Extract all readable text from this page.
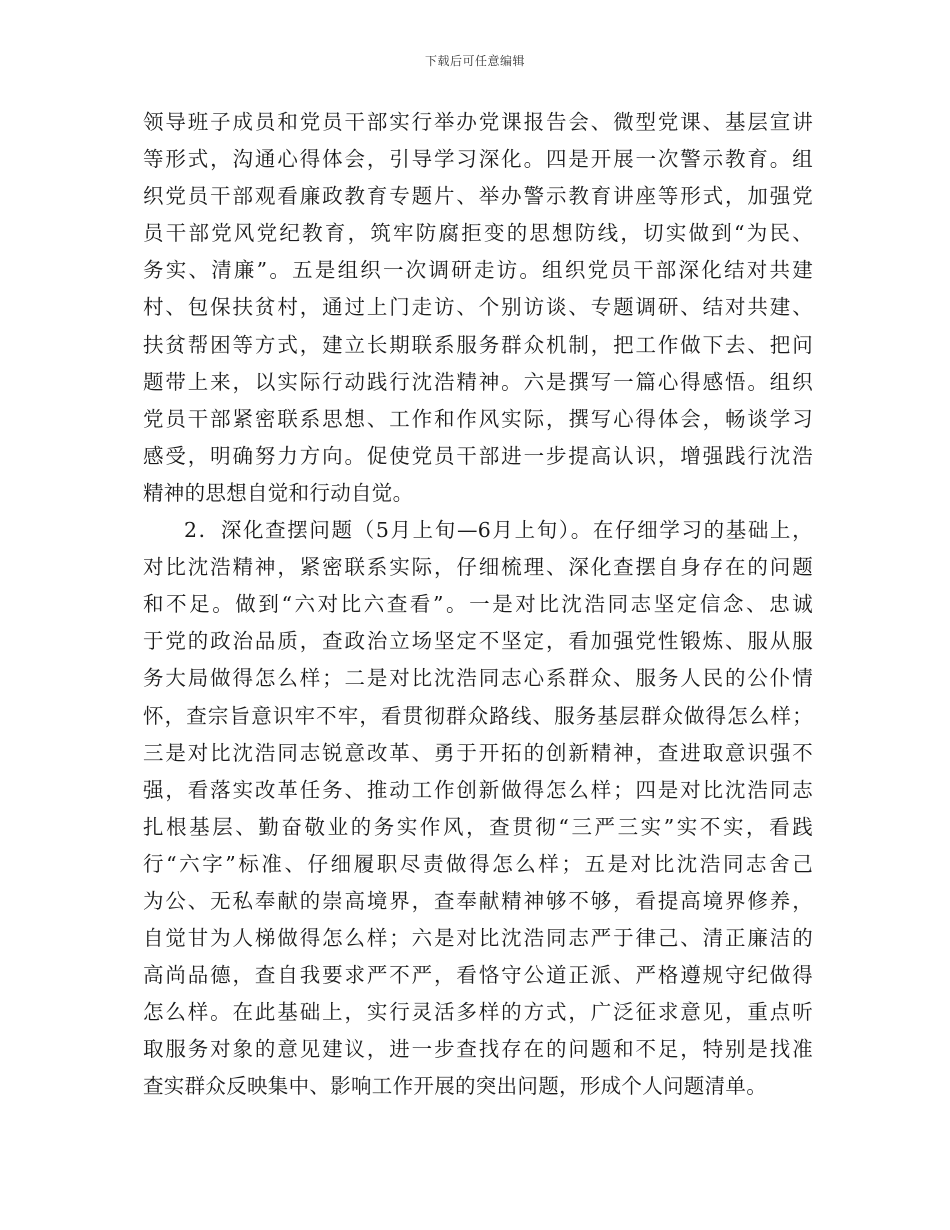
下载后可任意编辑
领导班子成员和党员干部实行举办党课报告会、微型党课、基层宣讲
等形式，沟通心得体会，引导学习深化。四是开展一次警示教育。组
织党员干部观看廉政教育专题片、举办警示教育讲座等形式，加强党
员干部党风党纪教育，筑牢防腐拒变的思想防线，切实做到“为民、
务实、清廉”。五是组织一次调研走访。组织党员干部深化结对共建
村、包保扶贫村，通过上门走访、个别访谈、专题调研、结对共建、
扶贫帮困等方式，建立长期联系服务群众机制，把工作做下去、把问
题带上来，以实际行动践行沈浩精神。六是撰写一篇心得感悟。组织
党员干部紧密联系思想、工作和作风实际，撰写心得体会，畅谈学习
感受，明确努力方向。促使党员干部进一步提高认识，增强践行沈浩
精神的思想自觉和行动自觉。
2．深化查摆问题（5月上旬—6月上旬）。在仔细学习的基础上，
对比沈浩精神，紧密联系实际，仔细梳理、深化查摆自身存在的问题
和不足。做到“六对比六查看”。一是对比沈浩同志坚定信念、忠诚
于党的政治品质，查政治立场坚定不坚定，看加强党性锻炼、服从服
务大局做得怎么样；二是对比沈浩同志心系群众、服务人民的公仆情
怀，查宗旨意识牢不牢，看贯彻群众路线、服务基层群众做得怎么样；
三是对比沈浩同志锐意改革、勇于开拓的创新精神，查进取意识强不
强，看落实改革任务、推动工作创新做得怎么样；四是对比沈浩同志
扎根基层、勤奋敬业的务实作风，查贯彻“三严三实”实不实，看践
行“六字”标准、仔细履职尽责做得怎么样；五是对比沈浩同志舍己
为公、无私奉献的崇高境界，查奉献精神够不够，看提高境界修养，
自觉甘为人梯做得怎么样；六是对比沈浩同志严于律己、清正廉洁的
高尚品德，查自我要求严不严，看恪守公道正派、严格遵规守纪做得
怎么样。在此基础上，实行灵活多样的方式，广泛征求意见，重点听
取服务对象的意见建议，进一步查找存在的问题和不足，特别是找准
查实群众反映集中、影响工作开展的突出问题，形成个人问题清单。
